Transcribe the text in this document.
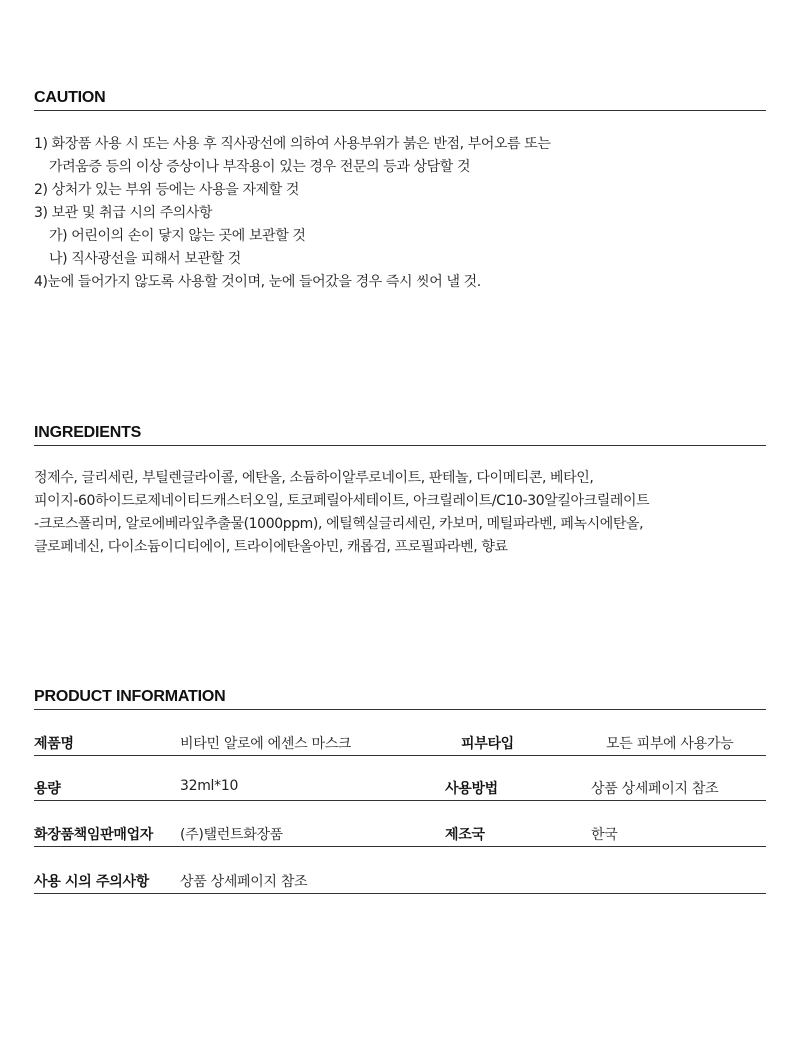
CAUTION
1) 화장품 사용 시 또는 사용 후 직사광선에 의하여 사용부위가 붉은 반점, 부어오름 또는
가려움증 등의 이상 증상이나 부작용이 있는 경우 전문의 등과 상담할 것
2) 상처가 있는 부위 등에는 사용을 자제할 것
3) 보관 및 취급 시의 주의사항
가) 어린이의 손이 닿지 않는 곳에 보관할 것
나) 직사광선을 피해서 보관할 것
4)눈에 들어가지 않도록 사용할 것이며, 눈에 들어갔을 경우 즉시 씻어 낼 것.
INGREDIENTS
정제수, 글리세린, 부틸렌글라이콜, 에탄올, 소듐하이알루로네이트, 판테놀, 다이메티콘, 베타인,
피이지-60하이드로제네이티드캐스터오일, 토코페릴아세테이트, 아크릴레이트/C10-30알킬아크릴레이트
-크로스폴리머, 알로에베라잎추출물(1000ppm), 에틸헥실글리세린, 카보머, 메틸파라벤, 페녹시에탄올,
클로페네신, 다이소듐이디티에이, 트라이에탄올아민, 캐롭검, 프로필파라벤, 향료
PRODUCT INFORMATION
제품명	비타민 알로에 에센스 마스크	피부타입	모든 피부에 사용가능
용량	32ml*10	사용방법	상품 상세페이지 참조
화장품책임판매업자 (주)탤런트화장품	제조국	한국
사용 시의 주의사항 상품 상세페이지 참조
